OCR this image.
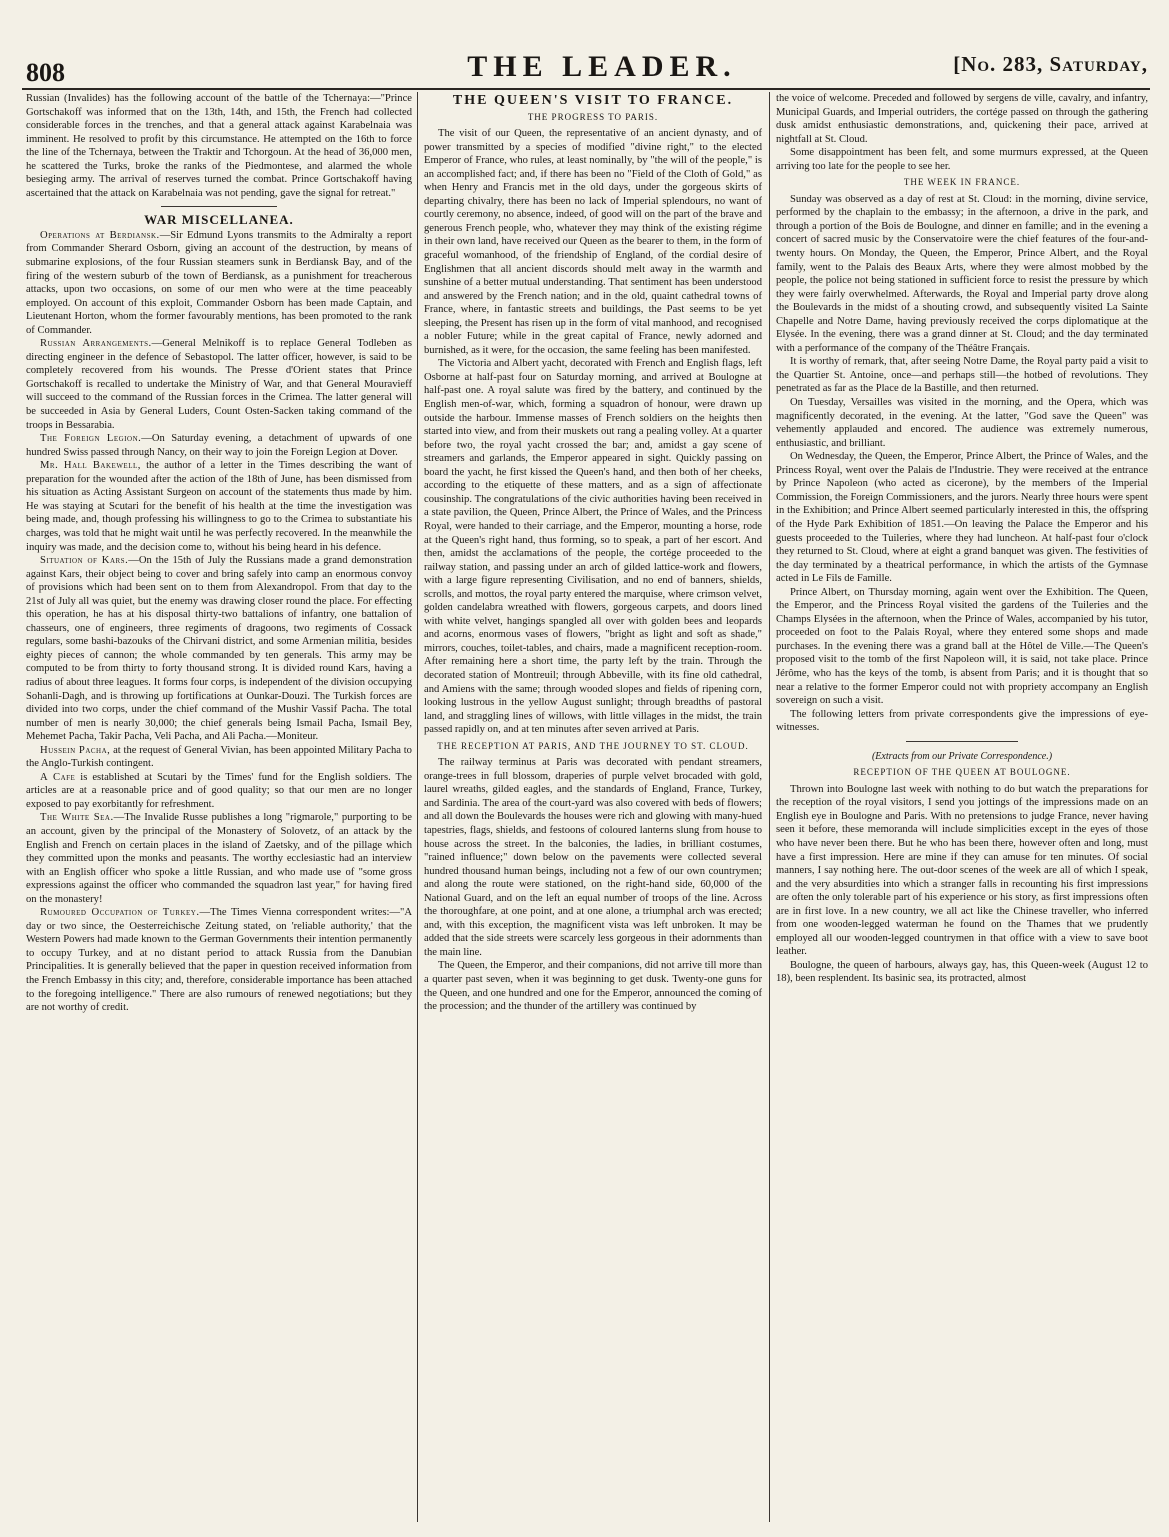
808	THE LEADER.	[No. 283, Saturday,

Russian (Invalides) has the following account of the battle of the Tchernaya:—"Prince Gortschakoff was informed that on the 13th, 14th, and 15th, the French had collected considerable forces in the trenches, and that a general attack against Karabelnaia was imminent. He resolved to profit by this circumstance. He attempted on the 16th to force the line of the Tchernaya, between the Traktir and Tchorgoun. At the head of 36,000 men, he scattered the Turks, broke the ranks of the Piedmontese, and alarmed the whole besieging army. The arrival of reserves turned the combat. Prince Gortschakoff having ascertained that the attack on Karabelnaia was not pending, gave the signal for retreat."

WAR MISCELLANEA.

Operations at Berdiansk.—Sir Edmund Lyons transmits to the Admiralty a report from Commander Sherard Osborn, giving an account of the destruction, by means of submarine explosions, of the four Russian steamers sunk in Berdiansk Bay, and of the firing of the western suburb of the town of Berdiansk, as a punishment for treacherous attacks, upon two occasions, on some of our men who were at the time peaceably employed. On account of this exploit, Commander Osborn has been made Captain, and Lieutenant Horton, whom the former favourably mentions, has been promoted to the rank of Commander.

Russian Arrangements.—General Melnikoff is to replace General Todleben as directing engineer in the defence of Sebastopol. The latter officer, however, is said to be completely recovered from his wounds. The Presse d'Orient states that Prince Gortschakoff is recalled to undertake the Ministry of War, and that General Mouravieff will succeed to the command of the Russian forces in the Crimea. The latter general will be succeeded in Asia by General Luders, Count Osten-Sacken taking command of the troops in Bessarabia.

The Foreign Legion.—On Saturday evening, a detachment of upwards of one hundred Swiss passed through Nancy, on their way to join the Foreign Legion at Dover.

Mr. Hall Bakewell, the author of a letter in the Times describing the want of preparation for the wounded after the action of the 18th of June, has been dismissed from his situation as Acting Assistant Surgeon on account of the statements thus made by him. He was staying at Scutari for the benefit of his health at the time the investigation was being made, and, though professing his willingness to go to the Crimea to substantiate his charges, was told that he might wait until he was perfectly recovered. In the meanwhile the inquiry was made, and the decision come to, without his being heard in his defence.

Situation of Kars.—On the 15th of July the Russians made a grand demonstration against Kars, their object being to cover and bring safely into camp an enormous convoy of provisions which had been sent on to them from Alexandropol. From that day to the 21st of July all was quiet, but the enemy was drawing closer round the place. For effecting this operation, he has at his disposal thirty-two battalions of infantry, one battalion of chasseurs, one of engineers, three regiments of dragoons, two regiments of Cossack regulars, some bashi-bazouks of the Chirvani district, and some Armenian militia, besides eighty pieces of cannon; the whole commanded by ten generals. This army may be computed to be from thirty to forty thousand strong. It is divided round Kars, having a radius of about three leagues. It forms four corps, is independent of the division occupying Sohanli-Dagh, and is throwing up fortifications at Ounkar-Douzi. The Turkish forces are divided into two corps, under the chief command of the Mushir Vassif Pacha. The total number of men is nearly 30,000; the chief generals being Ismail Pacha, Ismail Bey, Mehemet Pacha, Takir Pacha, Veli Pacha, and Ali Pacha.—Moniteur.

Hussein Pacha, at the request of General Vivian, has been appointed Military Pacha to the Anglo-Turkish contingent.

A Cafe is established at Scutari by the Times' fund for the English soldiers. The articles are at a reasonable price and of good quality; so that our men are no longer exposed to pay exorbitantly for refreshment.

The White Sea.—The Invalide Russe publishes a long "rigmarole," purporting to be an account, given by the principal of the Monastery of Solovetz, of an attack by the English and French on certain places in the island of Zaetsky, and of the pillage which they committed upon the monks and peasants. The worthy ecclesiastic had an interview with an English officer who spoke a little Russian, and who made use of "some gross expressions against the officer who commanded the squadron last year," for having fired on the monastery!

Rumoured Occupation of Turkey.—The Times Vienna correspondent writes:—"A day or two since, the Oesterreichische Zeitung stated, on 'reliable authority,' that the Western Powers had made known to the German Governments their intention permanently to occupy Turkey, and at no distant period to attack Russia from the Danubian Principalities. It is generally believed that the paper in question received information from the French Embassy in this city; and, therefore, considerable importance has been attached to the foregoing intelligence." There are also rumours of renewed negotiations; but they are not worthy of credit.

THE QUEEN'S VISIT TO FRANCE.
THE PROGRESS TO PARIS.

The visit of our Queen, the representative of an ancient dynasty, and of power transmitted by a species of modified "divine right," to the elected Emperor of France, who rules, at least nominally, by "the will of the people," is an accomplished fact; and, if there has been no "Field of the Cloth of Gold," as when Henry and Francis met in the old days, under the gorgeous skirts of departing chivalry, there has been no lack of Imperial splendours, no want of courtly ceremony, no absence, indeed, of good will on the part of the brave and generous French people, who, whatever they may think of the existing régime in their own land, have received our Queen as the bearer to them, in the form of graceful womanhood, of the friendship of England, of the cordial desire of Englishmen that all ancient discords should melt away in the warmth and sunshine of a better mutual understanding. That sentiment has been understood and answered by the French nation; and in the old, quaint cathedral towns of France, where, in fantastic streets and buildings, the Past seems to be yet sleeping, the Present has risen up in the form of vital manhood, and recognised a nobler Future; while in the great capital of France, newly adorned and burnished, as it were, for the occasion, the same feeling has been manifested.

The Victoria and Albert yacht, decorated with French and English flags, left Osborne at half-past four on Saturday morning, and arrived at Boulogne at half-past one. A royal salute was fired by the battery, and continued by the English men-of-war, which, forming a squadron of honour, were drawn up outside the harbour. Immense masses of French soldiers on the heights then started into view, and from their muskets out rang a pealing volley. At a quarter before two, the royal yacht crossed the bar; and, amidst a gay scene of streamers and garlands, the Emperor appeared in sight. Quickly passing on board the yacht, he first kissed the Queen's hand, and then both of her cheeks, according to the etiquette of these matters, and as a sign of affectionate cousinship. The congratulations of the civic authorities having been received in a state pavilion, the Queen, Prince Albert, the Prince of Wales, and the Princess Royal, were handed to their carriage, and the Emperor, mounting a horse, rode at the Queen's right hand, thus forming, so to speak, a part of her escort. And then, amidst the acclamations of the people, the cortége proceeded to the railway station, and passing under an arch of gilded lattice-work and flowers, with a large figure representing Civilisation, and no end of banners, shields, scrolls, and mottos, the royal party entered the marquise, where crimson velvet, golden candelabra wreathed with flowers, gorgeous carpets, and doors lined with white velvet, hangings spangled all over with golden bees and leopards and acorns, enormous vases of flowers, "bright as light and soft as shade," mirrors, couches, toilet-tables, and chairs, made a magnificent reception-room. After remaining here a short time, the party left by the train. Through the decorated station of Montreuil; through Abbeville, with its fine old cathedral, and Amiens with the same; through wooded slopes and fields of ripening corn, looking lustrous in the yellow August sunlight; through breadths of pastoral land, and straggling lines of willows, with little villages in the midst, the train passed rapidly on, and at ten minutes after seven arrived at Paris.

THE RECEPTION AT PARIS, AND THE JOURNEY TO ST. CLOUD.

The railway terminus at Paris was decorated with pendant streamers, orange-trees in full blossom, draperies of purple velvet brocaded with gold, laurel wreaths, gilded eagles, and the standards of England, France, Turkey, and Sardinia. The area of the court-yard was also covered with beds of flowers; and all down the Boulevards the houses were rich and glowing with many-hued tapestries, flags, shields, and festoons of coloured lanterns slung from house to house across the street. In the balconies, the ladies, in brilliant costumes, "rained influence;" down below on the pavements were collected several hundred thousand human beings, including not a few of our own countrymen; and along the route were stationed, on the right-hand side, 60,000 of the National Guard, and on the left an equal number of troops of the line. Across the thoroughfare, at one point, and at one alone, a triumphal arch was erected; and, with this exception, the magnificent vista was left unbroken. It may be added that the side streets were scarcely less gorgeous in their adornments than the main line.

The Queen, the Emperor, and their companions, did not arrive till more than a quarter past seven, when it was beginning to get dusk. Twenty-one guns for the Queen, and one hundred and one for the Emperor, announced the coming of the procession; and the thunder of the artillery was continued by

the voice of welcome. Preceded and followed by sergens de ville, cavalry, and infantry, Municipal Guards, and Imperial outriders, the cortége passed on through the gathering dusk amidst enthusiastic demonstrations, and, quickening their pace, arrived at nightfall at St. Cloud.

Some disappointment has been felt, and some murmurs expressed, at the Queen arriving too late for the people to see her.

THE WEEK IN FRANCE.

Sunday was observed as a day of rest at St. Cloud: in the morning, divine service, performed by the chaplain to the embassy; in the afternoon, a drive in the park, and through a portion of the Bois de Boulogne, and dinner en famille; and in the evening a concert of sacred music by the Conservatoire were the chief features of the four-and-twenty hours. On Monday, the Queen, the Emperor, Prince Albert, and the Royal family, went to the Palais des Beaux Arts, where they were almost mobbed by the people, the police not being stationed in sufficient force to resist the pressure by which they were fairly overwhelmed. Afterwards, the Royal and Imperial party drove along the Boulevards in the midst of a shouting crowd, and subsequently visited La Sainte Chapelle and Notre Dame, having previously received the corps diplomatique at the Elysée. In the evening, there was a grand dinner at St. Cloud; and the day terminated with a performance of the company of the Théâtre Français.

It is worthy of remark, that, after seeing Notre Dame, the Royal party paid a visit to the Quartier St. Antoine, once—and perhaps still—the hotbed of revolutions. They penetrated as far as the Place de la Bastille, and then returned.

On Tuesday, Versailles was visited in the morning, and the Opera, which was magnificently decorated, in the evening. At the latter, "God save the Queen" was vehemently applauded and encored. The audience was extremely numerous, enthusiastic, and brilliant.

On Wednesday, the Queen, the Emperor, Prince Albert, the Prince of Wales, and the Princess Royal, went over the Palais de l'Industrie. They were received at the entrance by Prince Napoleon (who acted as cicerone), by the members of the Imperial Commission, the Foreign Commissioners, and the jurors. Nearly three hours were spent in the Exhibition; and Prince Albert seemed particularly interested in this, the offspring of the Hyde Park Exhibition of 1851.—On leaving the Palace the Emperor and his guests proceeded to the Tuileries, where they had luncheon. At half-past four o'clock they returned to St. Cloud, where at eight a grand banquet was given. The festivities of the day terminated by a theatrical performance, in which the artists of the Gymnase acted in Le Fils de Famille.

Prince Albert, on Thursday morning, again went over the Exhibition. The Queen, the Emperor, and the Princess Royal visited the gardens of the Tuileries and the Champs Elysées in the afternoon, when the Prince of Wales, accompanied by his tutor, proceeded on foot to the Palais Royal, where they entered some shops and made purchases. In the evening there was a grand ball at the Hôtel de Ville.—The Queen's proposed visit to the tomb of the first Napoleon will, it is said, not take place. Prince Jérôme, who has the keys of the tomb, is absent from Paris; and it is thought that so near a relative to the former Emperor could not with propriety accompany an English sovereign on such a visit.

The following letters from private correspondents give the impressions of eye-witnesses.

(Extracts from our Private Correspondence.)
RECEPTION OF THE QUEEN AT BOULOGNE.

Thrown into Boulogne last week with nothing to do but watch the preparations for the reception of the royal visitors, I send you jottings of the impressions made on an English eye in Boulogne and Paris. With no pretensions to judge France, never having seen it before, these memoranda will include simplicities except in the eyes of those who have never been there. But he who has been there, however often and long, must have a first impression. Here are mine if they can amuse for ten minutes. Of social manners, I say nothing here. The out-door scenes of the week are all of which I speak, and the very absurdities into which a stranger falls in recounting his first impressions are often the only tolerable part of his experience or his story, as first impressions often are in first love. In a new country, we all act like the Chinese traveller, who inferred from one wooden-legged waterman he found on the Thames that we prudently employed all our wooden-legged countrymen in that office with a view to save boot leather.

Boulogne, the queen of harbours, always gay, has, this Queen-week (August 12 to 18), been resplendent. Its basinic sea, its protracted, almost
